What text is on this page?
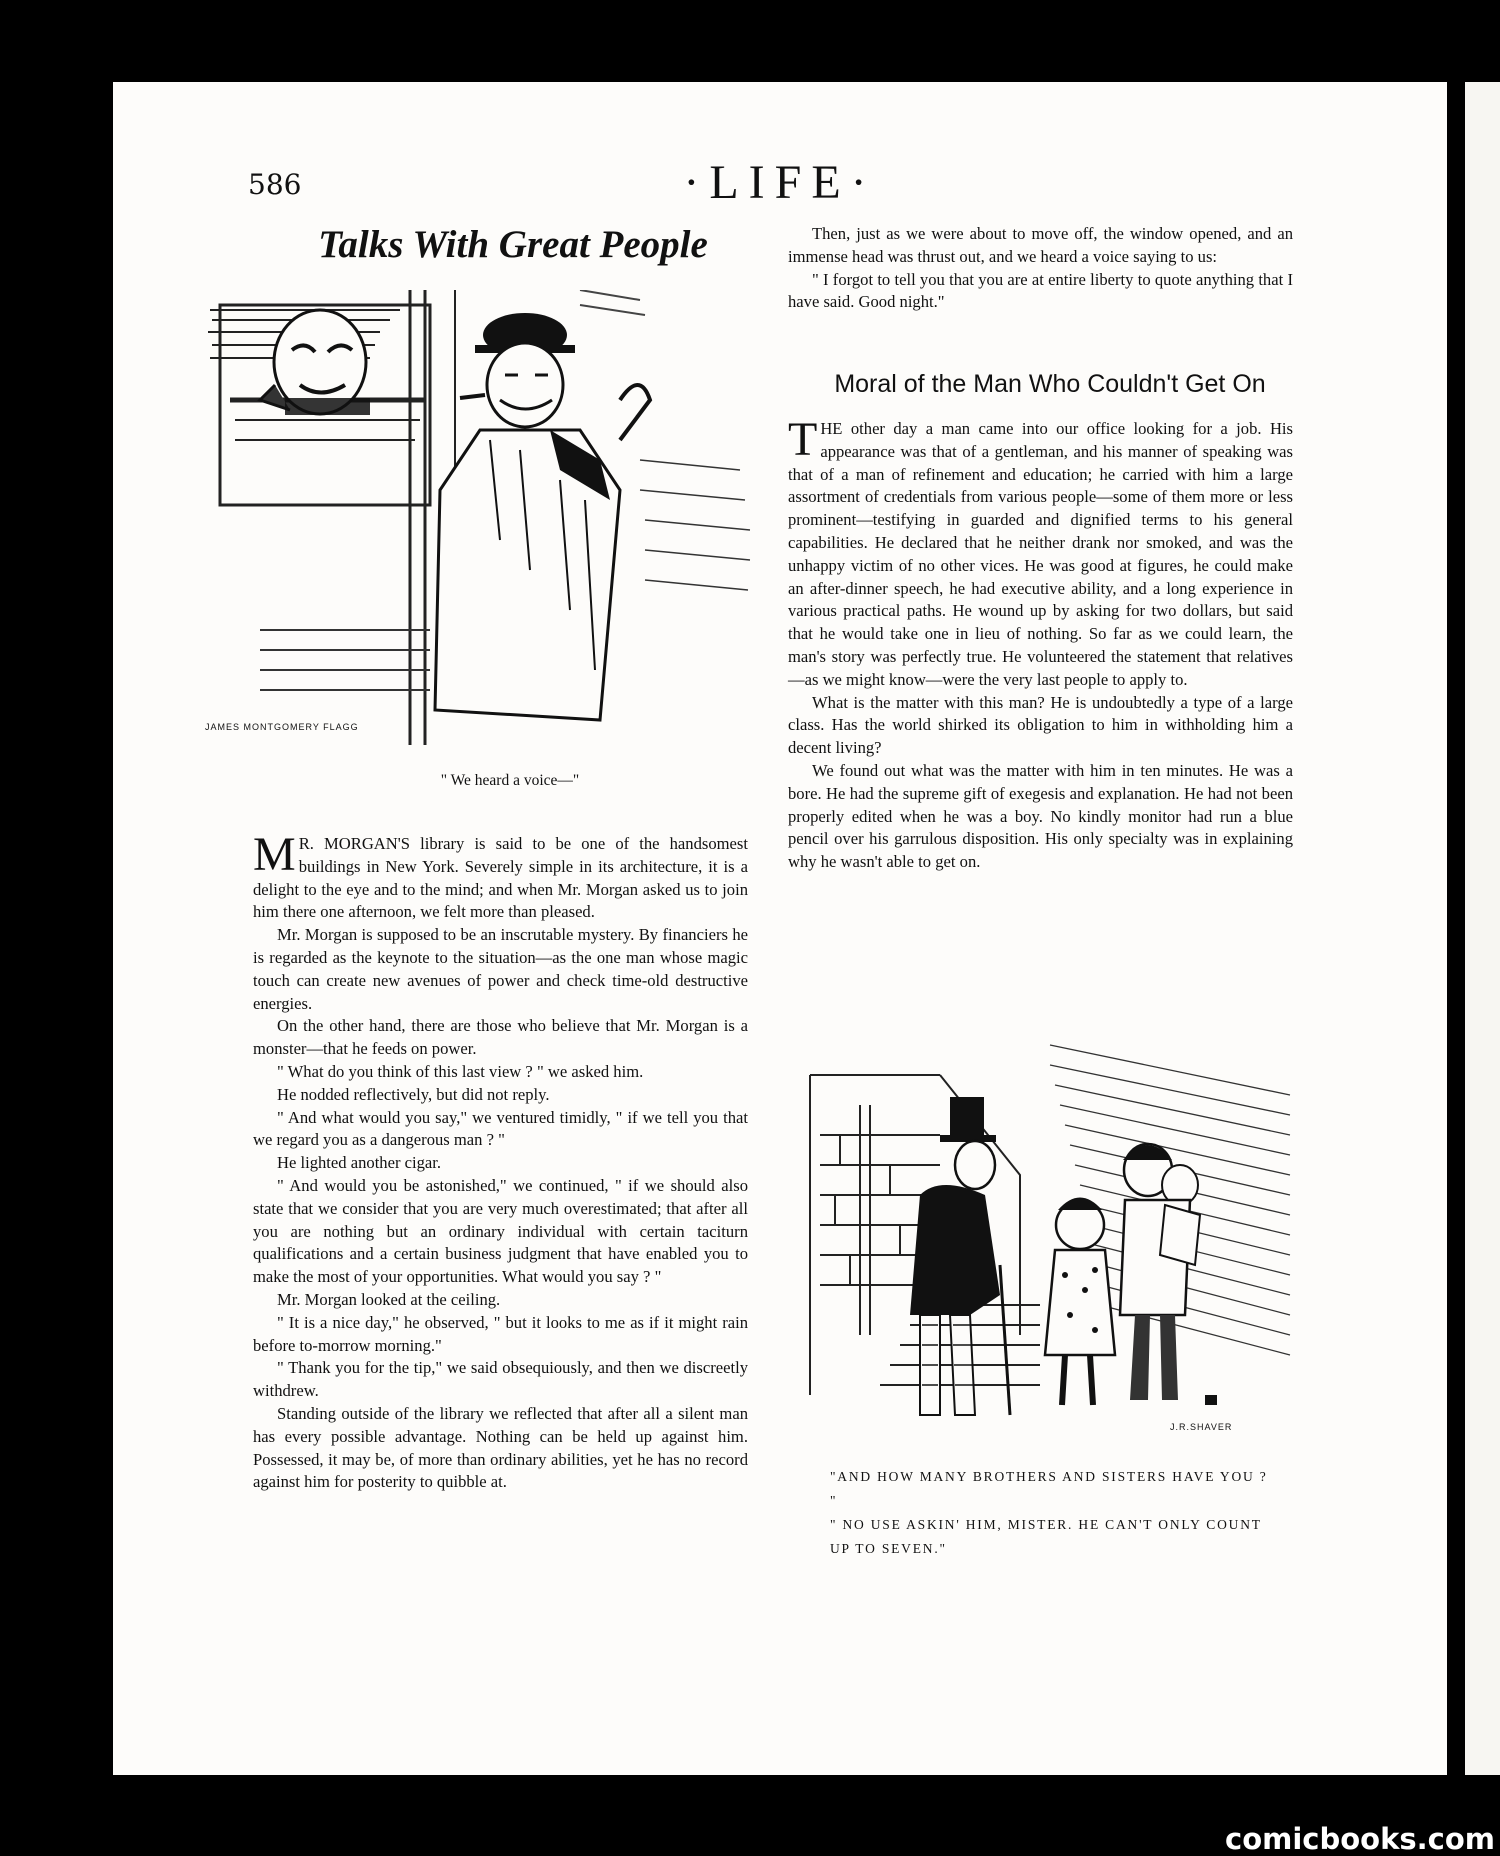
586	·LIFE·
Talks With Great People
JAMES MONTGOMERY FLAGG
" We heard a voice—"

M R. MORGAN'S library is said to be one of the handsomest buildings in New York. Severely simple in its architecture, it is a delight to the eye and to the mind; and when Mr. Morgan asked us to join him there one afternoon, we felt more than pleased.

Mr. Morgan is supposed to be an inscrutable mystery. By financiers he is regarded as the keynote to the situation—as the one man whose magic touch can create new avenues of power and check time-old destructive energies.

On the other hand, there are those who believe that Mr. Morgan is a monster—that he feeds on power.

" What do you think of this last view ? " we asked him.

He nodded reflectively, but did not reply.

" And what would you say," we ventured timidly, " if we tell you that we regard you as a dangerous man ? "

He lighted another cigar.

" And would you be astonished," we continued, " if we should also state that we consider that you are very much overestimated; that after all you are nothing but an ordinary individual with certain taciturn qualifications and a certain business judgment that have enabled you to make the most of your opportunities. What would you say ? "

Mr. Morgan looked at the ceiling.

" It is a nice day," he observed, " but it looks to me as if it might rain before to-morrow morning."

" Thank you for the tip," we said obsequiously, and then we discreetly withdrew.

Standing outside of the library we reflected that after all a silent man has every possible advantage. Nothing can be held up against him. Possessed, it may be, of more than ordinary abilities, yet he has no record against him for posterity to quibble at.

Then, just as we were about to move off, the window opened, and an immense head was thrust out, and we heard a voice saying to us:

" I forgot to tell you that you are at entire liberty to quote anything that I have said. Good night."

Moral of the Man Who Couldn't Get On

THE other day a man came into our office looking for a job. His appearance was that of a gentleman, and his manner of speaking was that of a man of refinement and education; he carried with him a large assortment of credentials from various people—some of them more or less prominent—testifying in guarded and dignified terms to his general capabilities. He declared that he neither drank nor smoked, and was the unhappy victim of no other vices. He was good at figures, he could make an after-dinner speech, he had executive ability, and a long experience in various practical paths. He wound up by asking for two dollars, but said that he would take one in lieu of nothing. So far as we could learn, the man's story was perfectly true. He volunteered the statement that relatives—as we might know—were the very last people to apply to.

What is the matter with this man? He is undoubtedly a type of a large class. Has the world shirked its obligation to him in withholding him a decent living?

We found out what was the matter with him in ten minutes. He was a bore. He had the supreme gift of exegesis and explanation. He had not been properly edited when he was a boy. No kindly monitor had run a blue pencil over his garrulous disposition. His only specialty was in explaining why he wasn't able to get on.

J.R.SHAVER

"AND HOW MANY BROTHERS AND SISTERS HAVE YOU ? "

" NO USE ASKIN' HIM, MISTER. HE CAN'T ONLY COUNT UP TO SEVEN."

comicbooks.com
